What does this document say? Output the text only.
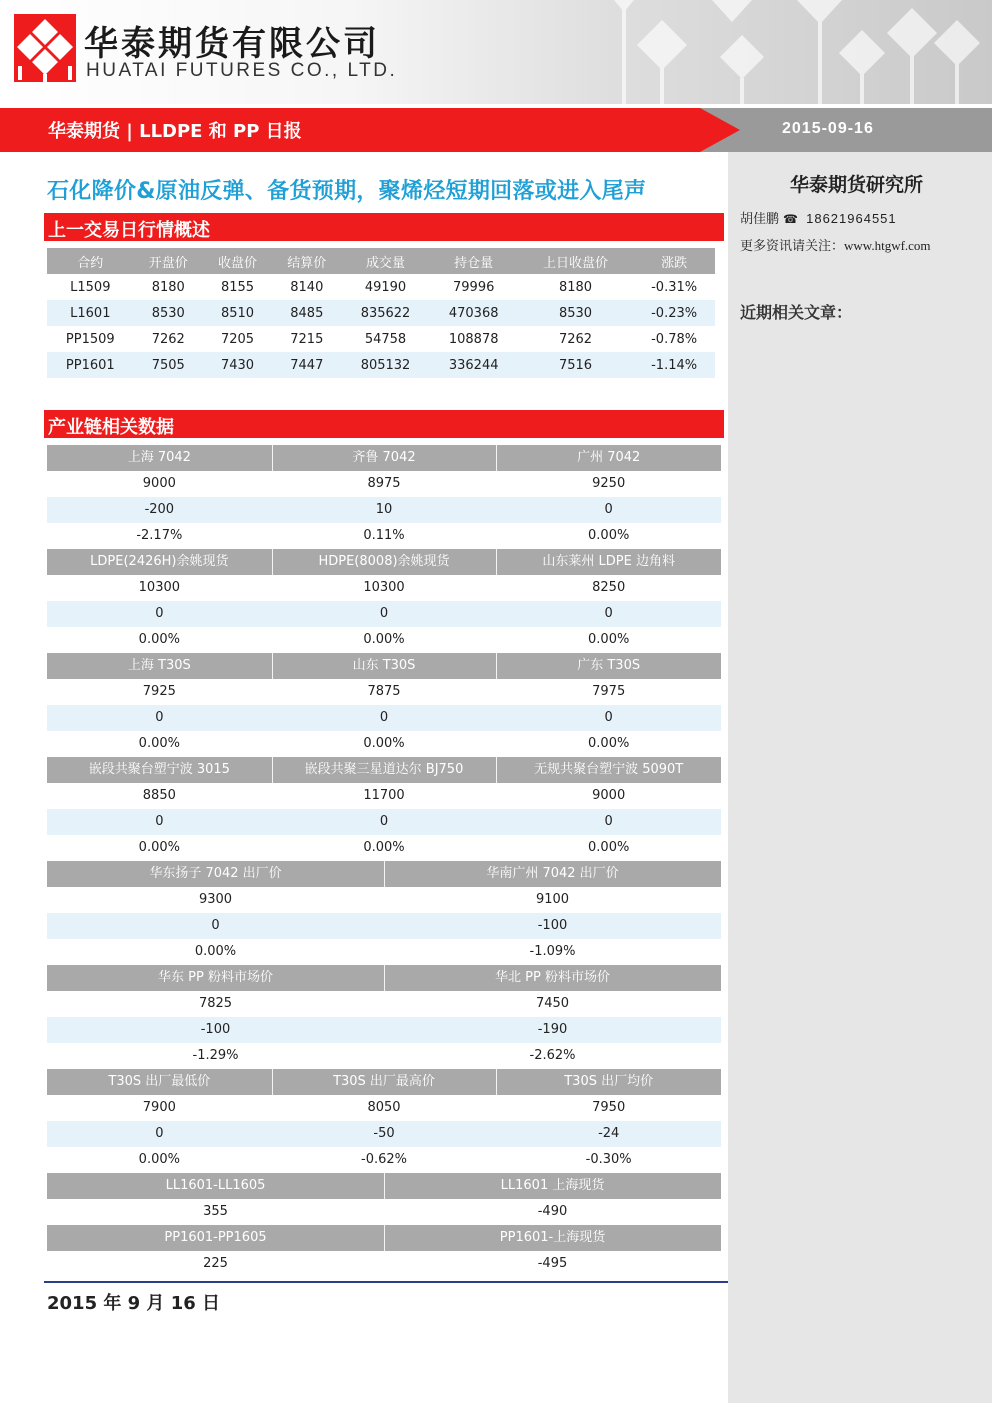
华泰期货有限公司
HUATAI FUTURES CO., LTD.
华泰期货 | LLDPE 和 PP 日报	2015-09-16
华泰期货研究所
胡佳鹏 ☎ 18621964551
更多资讯请关注：www.htgwf.com
近期相关文章：
石化降价&原油反弹、备货预期，聚烯烃短期回落或进入尾声
上一交易日行情概述
合约	开盘价	收盘价	结算价	成交量	持仓量	上日收盘价	涨跌
L1509	8180	8155	8140	49190	79996	8180	-0.31%
L1601	8530	8510	8485	835622	470368	8530	-0.23%
PP1509	7262	7205	7215	54758	108878	7262	-0.78%
PP1601	7505	7430	7447	805132	336244	7516	-1.14%
产业链相关数据
上海 7042	齐鲁 7042	广州 7042
9000	8975	9250
-200	10	0
-2.17%	0.11%	0.00%
LDPE(2426H)余姚现货	HDPE(8008)余姚现货	山东莱州 LDPE 边角料
10300	10300	8250
0	0	0
0.00%	0.00%	0.00%
上海 T30S	山东 T30S	广东 T30S
7925	7875	7975
0	0	0
0.00%	0.00%	0.00%
嵌段共聚台塑宁波 3015	嵌段共聚三星道达尔 BJ750	无规共聚台塑宁波 5090T
8850	11700	9000
0	0	0
0.00%	0.00%	0.00%
华东扬子 7042 出厂价	华南广州 7042 出厂价
9300	9100
0	-100
0.00%	-1.09%
华东 PP 粉料市场价	华北 PP 粉料市场价
7825	7450
-100	-190
-1.29%	-2.62%
T30S 出厂最低价	T30S 出厂最高价	T30S 出厂均价
7900	8050	7950
0	-50	-24
0.00%	-0.62%	-0.30%
LL1601-LL1605	LL1601 上海现货
355	-490
PP1601-PP1605	PP1601-上海现货
225	-495
2015 年 9 月 16 日
